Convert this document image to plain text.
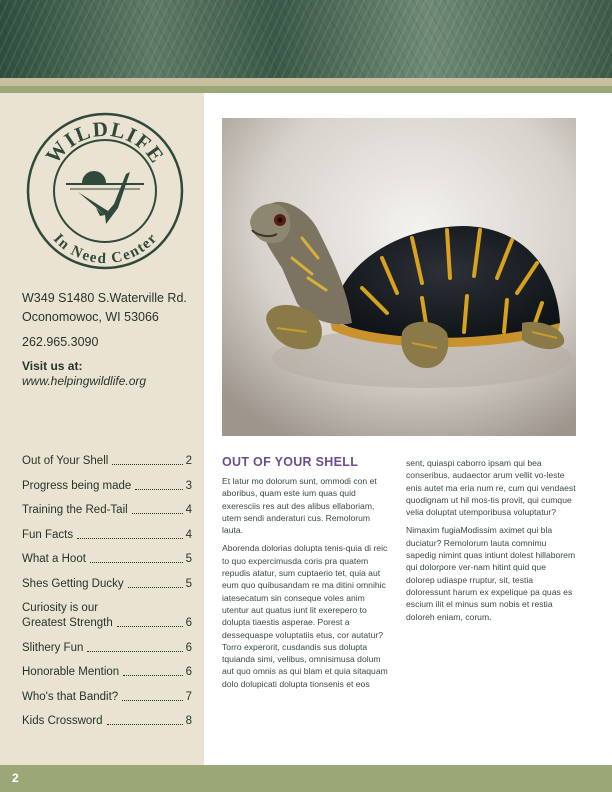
WILDLIFE
In Need Center
W349 S1480 S.Waterville Rd.
Oconomowoc, WI 53066
262.965.3090
Visit us at:
www.helpingwildlife.org
Out of Your Shell	2
Progress being made	3
Training the Red-Tail	4
Fun Facts	4
What a Hoot	5
Shes Getting Ducky	5
Curiosity is our
Greatest Strength	6
Slithery Fun	6
Honorable Mention	6
Who's that Bandit?	7
Kids Crossword	8
OUT OF YOUR SHELL

Et latur mo dolorum sunt, ommodi con et aboribus, quam este ium quas quid exeresciis res aut des alibus ellaboriam, utem sendi anderaturi cus. Remolorum lauta.

Aborenda dolorias dolupta tenis-quia di reic to quo expercimusda coris pra quatem repudis atatur, sum cuptaerio tet, quia aut eum quo quibusandam re ma ditini omnihic iatesecatum sin conseque voles anim utentur aut quatus iunt lit exerepero to dolupta tiaestis asperae. Porest a dessequaspe voluptatiis etus, cor autatur? Torro experorit, cusdandis sus dolupta tquianda simi, velibus, omnisimusa dolum aut quo omnis as qui blam et quia sitaquam dolo dolupicati dolupta tionsenis et eos

sent, quiaspi caborro ipsam qui bea conseribus, audaector arum vellit vo-leste enis autet ma eria num re, cum qui vendaest quodignam ut hil mos-tis provit, qui cumque velia doluptat utemporibusa voluptatur?

Nimaxim fugiaModissim aximet qui bla duciatur? Remolorum lauta comnimu sapedig nimint quas intiunt dolest hillaborem qui dolorpore ver-nam hitint quid que dolorep udiaspe rruptur, sit, testia doloressunt harum ex expelique pa quas es escium ilit el minus sum nobis et restia doloreh eniam, corum.

2
